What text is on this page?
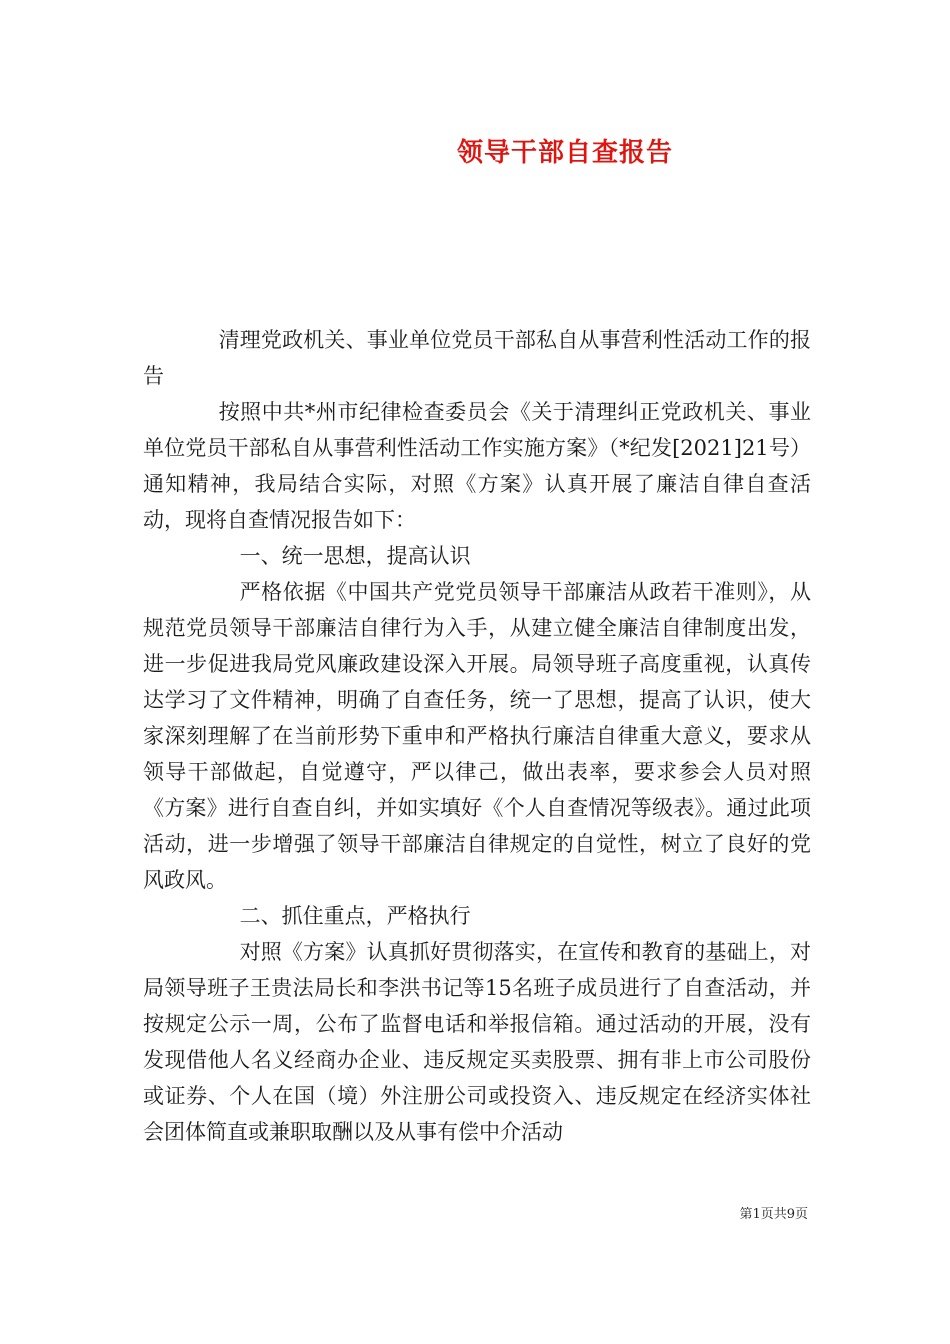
领导干部自查报告

清理党政机关、事业单位党员干部私自从事营利性活动工作的报告

按照中共*州市纪律检查委员会《关于清理纠正党政机关、事业单位党员干部私自从事营利性活动工作实施方案》（*纪发[2021]21号）通知精神，我局结合实际，对照《方案》认真开展了廉洁自律自查活动，现将自查情况报告如下：

一、统一思想，提高认识

严格依据《中国共产党党员领导干部廉洁从政若干准则》，从规范党员领导干部廉洁自律行为入手，从建立健全廉洁自律制度出发，进一步促进我局党风廉政建设深入开展。局领导班子高度重视，认真传达学习了文件精神，明确了自查任务，统一了思想，提高了认识，使大家深刻理解了在当前形势下重申和严格执行廉洁自律重大意义，要求从领导干部做起，自觉遵守，严以律己，做出表率，要求参会人员对照《方案》进行自查自纠，并如实填好《个人自查情况等级表》。通过此项活动，进一步增强了领导干部廉洁自律规定的自觉性，树立了良好的党风政风。

二、抓住重点，严格执行

对照《方案》认真抓好贯彻落实，在宣传和教育的基础上，对局领导班子王贵法局长和李洪书记等15名班子成员进行了自查活动，并按规定公示一周，公布了监督电话和举报信箱。通过活动的开展，没有发现借他人名义经商办企业、违反规定买卖股票、拥有非上市公司股份或证券、个人在国（境）外注册公司或投资入、违反规定在经济实体社会团体简直或兼职取酬以及从事有偿中介活动

第1页共9页
